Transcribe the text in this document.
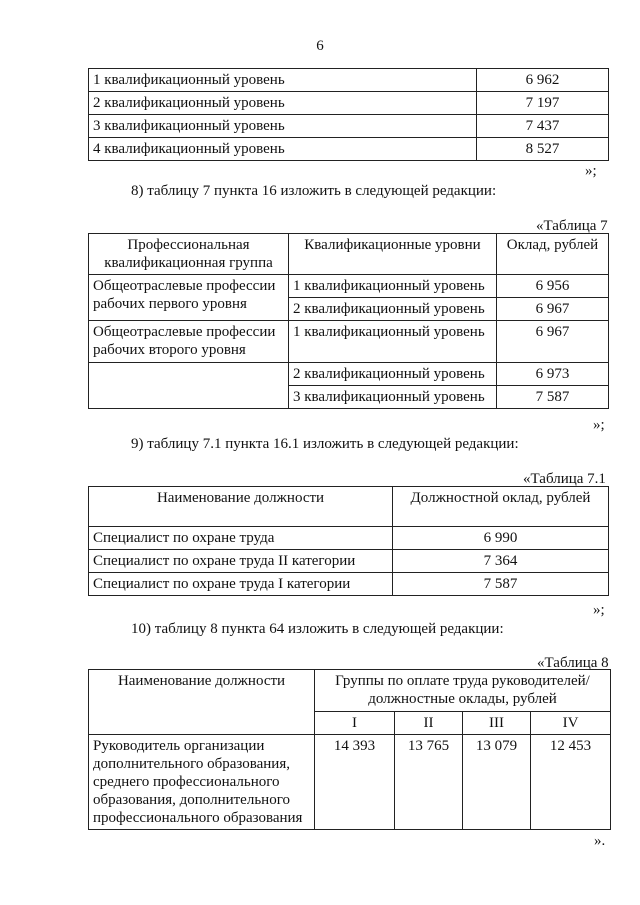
6
1 квалификационный уровень	6 962
2 квалификационный уровень	7 197
3 квалификационный уровень	7 437
4 квалификационный уровень	8 527
»;
8) таблицу 7 пункта 16 изложить в следующей редакции:
«Таблица 7
Профессиональная квалификационная группа	Квалификационные уровни	Оклад, рублей
Общеотраслевые профессии рабочих первого уровня	1 квалификационный уровень	6 956
	2 квалификационный уровень	6 967
Общеотраслевые профессии рабочих второго уровня	1 квалификационный уровень	6 967
	2 квалификационный уровень	6 973
	3 квалификационный уровень	7 587
»;
9) таблицу 7.1 пункта 16.1 изложить в следующей редакции:
«Таблица 7.1
Наименование должности	Должностной оклад, рублей
Специалист по охране труда	6 990
Специалист по охране труда II категории	7 364
Специалист по охране труда I категории	7 587
»;
10) таблицу 8 пункта 64 изложить в следующей редакции:
«Таблица 8
Наименование должности	Группы по оплате труда руководителей/ должностные оклады, рублей			
	I	II	III	IV
Руководитель организации дополнительного образования, среднего профессионального образования, дополнительного профессионального образования	14 393	13 765	13 079	12 453
».
